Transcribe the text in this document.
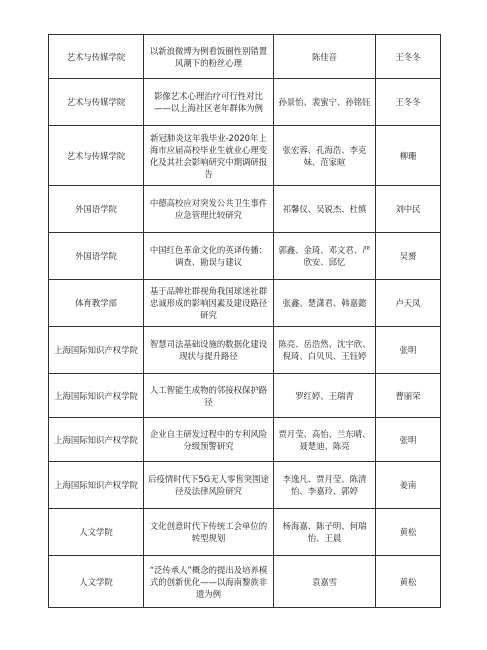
艺术与传媒学院	以新浪微博为例看饭圈性别错置风潮下的粉丝心理	陈佳音	王冬冬
艺术与传媒学院	影像艺术心理治疗可行性对比——以上海社区老年群体为例	孙景怡、裴蜜宁、孙铭钰	王冬冬
艺术与传媒学院	新冠肺炎这年我毕业-2020年上海市应届高校毕业生就业心理变化及其社会影响研究中期调研报告	张宏蓉、孔海浩、李克妹、范家暄	柳珊
外国语学院	中德高校应对突发公共卫生事件应急管理比较研究	祁馨仪、吴锐杰、杜慎	刘中民
外国语学院	中国红色革命文化的英译传播：调查、勘误与建议	郭鑫、金琦、邓文君、严欣安、邱忆	吴赟
体育教学部	基于品牌社群视角我国球迷社群忠诚形成的影响因素及建设路径研究	张鑫、楚潇君、韩嘉懿	卢天凤
上海国际知识产权学院	智慧司法基础设施的数据化建设现状与提升路径	陈亮、岳浩然、沈宇欣、倪琦、白贝贝、王钰婷	张明
上海国际知识产权学院	人工智能生成物的邻接权保护路径	罗红婷、王瑞青	曹丽荣
上海国际知识产权学院	企业自主研发过程中的专利风险分级预警研究	贾月莹、高怡、兰东晴、聂楚迪、陈亮	张明
上海国际知识产权学院	后疫情时代下5G无人零售突围途径及法律风险研究	李逸凡、贾月莹、陈清怡、李嘉玲、郭婷	姜南
人文学院	文化创意时代下传统工会单位的转型规划	杨海嘉、陈子明、何瑞怡、王晨	黄松
人文学院	“泛传承人”概念的提出及培养模式的创新优化——以海南黎族非遗为例	袁嘉雪	黄松
